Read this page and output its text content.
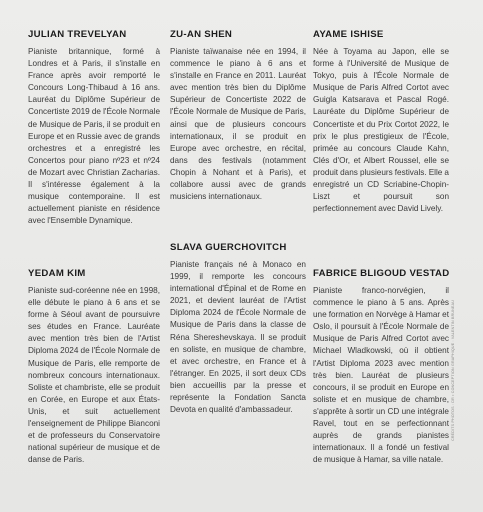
JULIAN TREVELYAN

Pianiste britannique, formé à Londres et à Paris, il s'installe en France après avoir remporté le Concours Long-Thibaud à 16 ans. Lauréat du Diplôme Supérieur de Concertiste 2019 de l'École Normale de Musique de Paris, il se produit en Europe et en Russie avec de grands orchestres et a enregistré les Concertos pour piano nº23 et nº24 de Mozart avec Christian Zacharias. Il s'intéresse également à la musique contemporaine. Il est actuellement pianiste en résidence avec l'Ensemble Dynamique.

ZU-AN SHEN

Pianiste taïwanaise née en 1994, il commence le piano à 6 ans et s'installe en France en 2011. Lauréat avec mention très bien du Diplôme Supérieur de Concertiste 2022 de l'École Normale de Musique de Paris, ainsi que de plusieurs concours internationaux, il se produit en Europe avec orchestre, en récital, dans des festivals (notamment Chopin à Nohant et à Paris), et collabore aussi avec de grands musiciens internationaux.

AYAME ISHISE

Née à Toyama au Japon, elle se forme à l'Université de Musique de Tokyo, puis à l'École Normale de Musique de Paris Alfred Cortot avec Guigla Katsarava et Pascal Rogé. Lauréate du Diplôme Supérieur de Concertiste et du Prix Cortot 2022, le prix le plus prestigieux de l'École, primée au concours Claude Kahn, Clés d'Or, et Albert Roussel, elle se produit dans plusieurs festivals. Elle a enregistré un CD Scriabine-Chopin-Liszt et poursuit son perfectionnement avec David Lively.

SLAVA GUERCHOVITCH

Pianiste français né à Monaco en 1999, il remporte les concours international d'Épinal et de Rome en 2021, et devient lauréat de l'Artist Diploma 2024 de l'École Normale de Musique de Paris dans la classe de Réna Shereshevskaya. Il se produit en soliste, en musique de chambre, et avec orchestre, en France et à l'étranger. En 2025, il sort deux CDs bien accueillis par la presse et représente la Fondation Sancta Devota en qualité d'ambassadeur.

YEDAM KIM

Pianiste sud-coréenne née en 1998, elle débute le piano à 6 ans et se forme à Séoul avant de poursuivre ses études en France. Lauréate avec mention très bien de l'Artist Diploma 2024 de l'École Normale de Musique de Paris, elle remporte de nombreux concours internationaux. Soliste et chambriste, elle se produit en Corée, en Europe et aux États-Unis, et suit actuellement l'enseignement de Philippe Bianconi et de professeurs du Conservatoire national supérieur de musique et de danse de Paris.

FABRICE BLIGOUD VESTAD

Pianiste franco-norvégien, il commence le piano à 5 ans. Après une formation en Norvège à Hamar et Oslo, il poursuit à l'École Normale de Musique de Paris Alfred Cortot avec Michael Wladkowski, où il obtient l'Artist Diploma 2023 avec mention très bien. Lauréat de plusieurs concours, il se produit en Europe en soliste et en musique de chambre, s'apprête à sortir un CD une intégrale Ravel, tout en se perfectionnant auprès de grands pianistes internationaux. Il a fondé un festival de musique à Hamar, sa ville natale.

CRÉDITS PHOTOS : DR • CONCEPTION GRAPHIQUE : VALENTIN BRUNEAU
